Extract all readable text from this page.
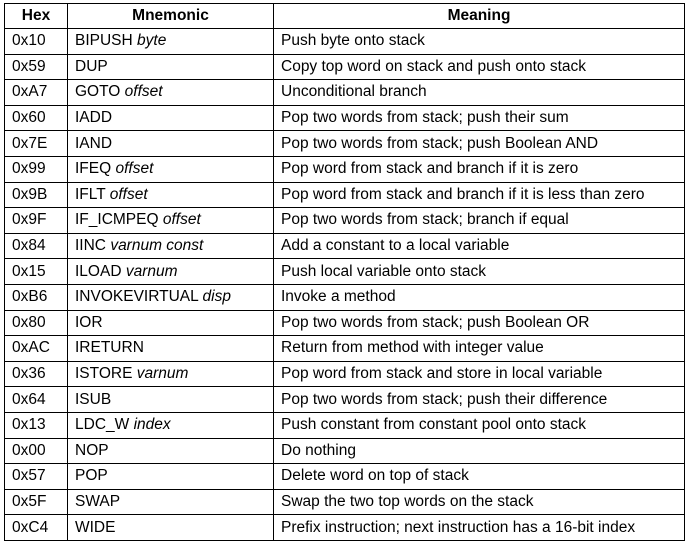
Hex	Mnemonic	Meaning
0x10	BIPUSH byte	Push byte onto stack
0x59	DUP	Copy top word on stack and push onto stack
0xA7	GOTO offset	Unconditional branch
0x60	IADD	Pop two words from stack; push their sum
0x7E	IAND	Pop two words from stack; push Boolean AND
0x99	IFEQ offset	Pop word from stack and branch if it is zero
0x9B	IFLT offset	Pop word from stack and branch if it is less than zero
0x9F	IF_ICMPEQ offset	Pop two words from stack; branch if equal
0x84	IINC varnum const	Add a constant to a local variable
0x15	ILOAD varnum	Push local variable onto stack
0xB6	INVOKEVIRTUAL disp	Invoke a method
0x80	IOR	Pop two words from stack; push Boolean OR
0xAC	IRETURN	Return from method with integer value
0x36	ISTORE varnum	Pop word from stack and store in local variable
0x64	ISUB	Pop two words from stack; push their difference
0x13	LDC_W index	Push constant from constant pool onto stack
0x00	NOP	Do nothing
0x57	POP	Delete word on top of stack
0x5F	SWAP	Swap the two top words on the stack
0xC4	WIDE	Prefix instruction; next instruction has a 16-bit index
